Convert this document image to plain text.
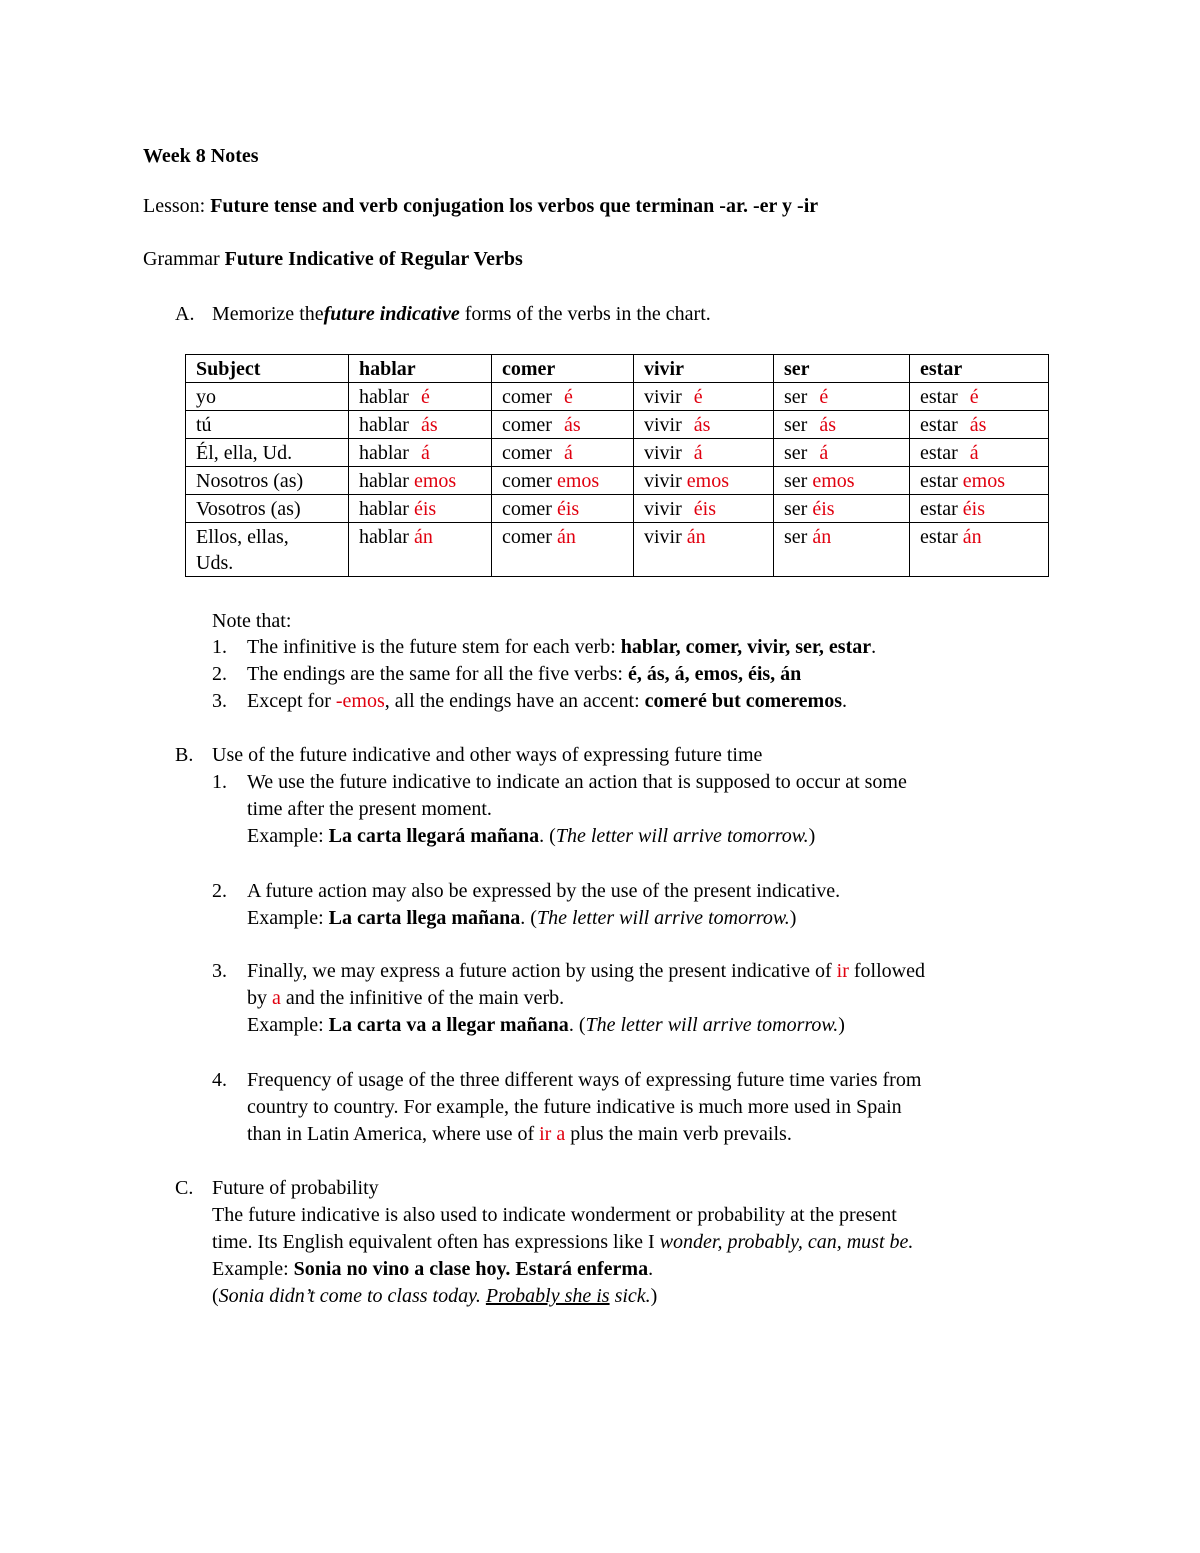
Week 8 Notes
Lesson: Future tense and verb conjugation los verbos que terminan -ar. -er y -ir
Grammar Future Indicative of Regular Verbs
A. Memorize thefuture indicative forms of the verbs in the chart.
Subject	hablar	comer	vivir	ser	estar
yo	hablar é	comer é	vivir é	ser é	estar é
tú	hablar ás	comer ás	vivir ás	ser ás	estar ás
Él, ella, Ud.	hablar á	comer á	vivir á	ser á	estar á
Nosotros (as)	hablar emos	comer emos	vivir emos	ser emos	estar emos
Vosotros (as)	hablar éis	comer éis	vivir éis	ser éis	estar éis
Ellos, ellas,
Uds.	hablar án	comer án	vivir án	ser án	estar án
Note that:
1. The infinitive is the future stem for each verb: hablar, comer, vivir, ser, estar.
2. The endings are the same for all the five verbs: é, ás, á, emos, éis, án
3. Except for -emos, all the endings have an accent: comeré but comeremos.
B. Use of the future indicative and other ways of expressing future time
1. We use the future indicative to indicate an action that is supposed to occur at some
time after the present moment.
Example: La carta llegará mañana. (The letter will arrive tomorrow.)
2. A future action may also be expressed by the use of the present indicative.
Example: La carta llega mañana. (The letter will arrive tomorrow.)
3. Finally, we may express a future action by using the present indicative of ir followed
by a and the infinitive of the main verb.
Example: La carta va a llegar mañana. (The letter will arrive tomorrow.)
4. Frequency of usage of the three different ways of expressing future time varies from
country to country. For example, the future indicative is much more used in Spain
than in Latin America, where use of ir a plus the main verb prevails.
C. Future of probability
The future indicative is also used to indicate wonderment or probability at the present
time. Its English equivalent often has expressions like I wonder, probably, can, must be.
Example: Sonia no vino a clase hoy. Estará enferma.
(Sonia didn’t come to class today. Probably she is sick.)
